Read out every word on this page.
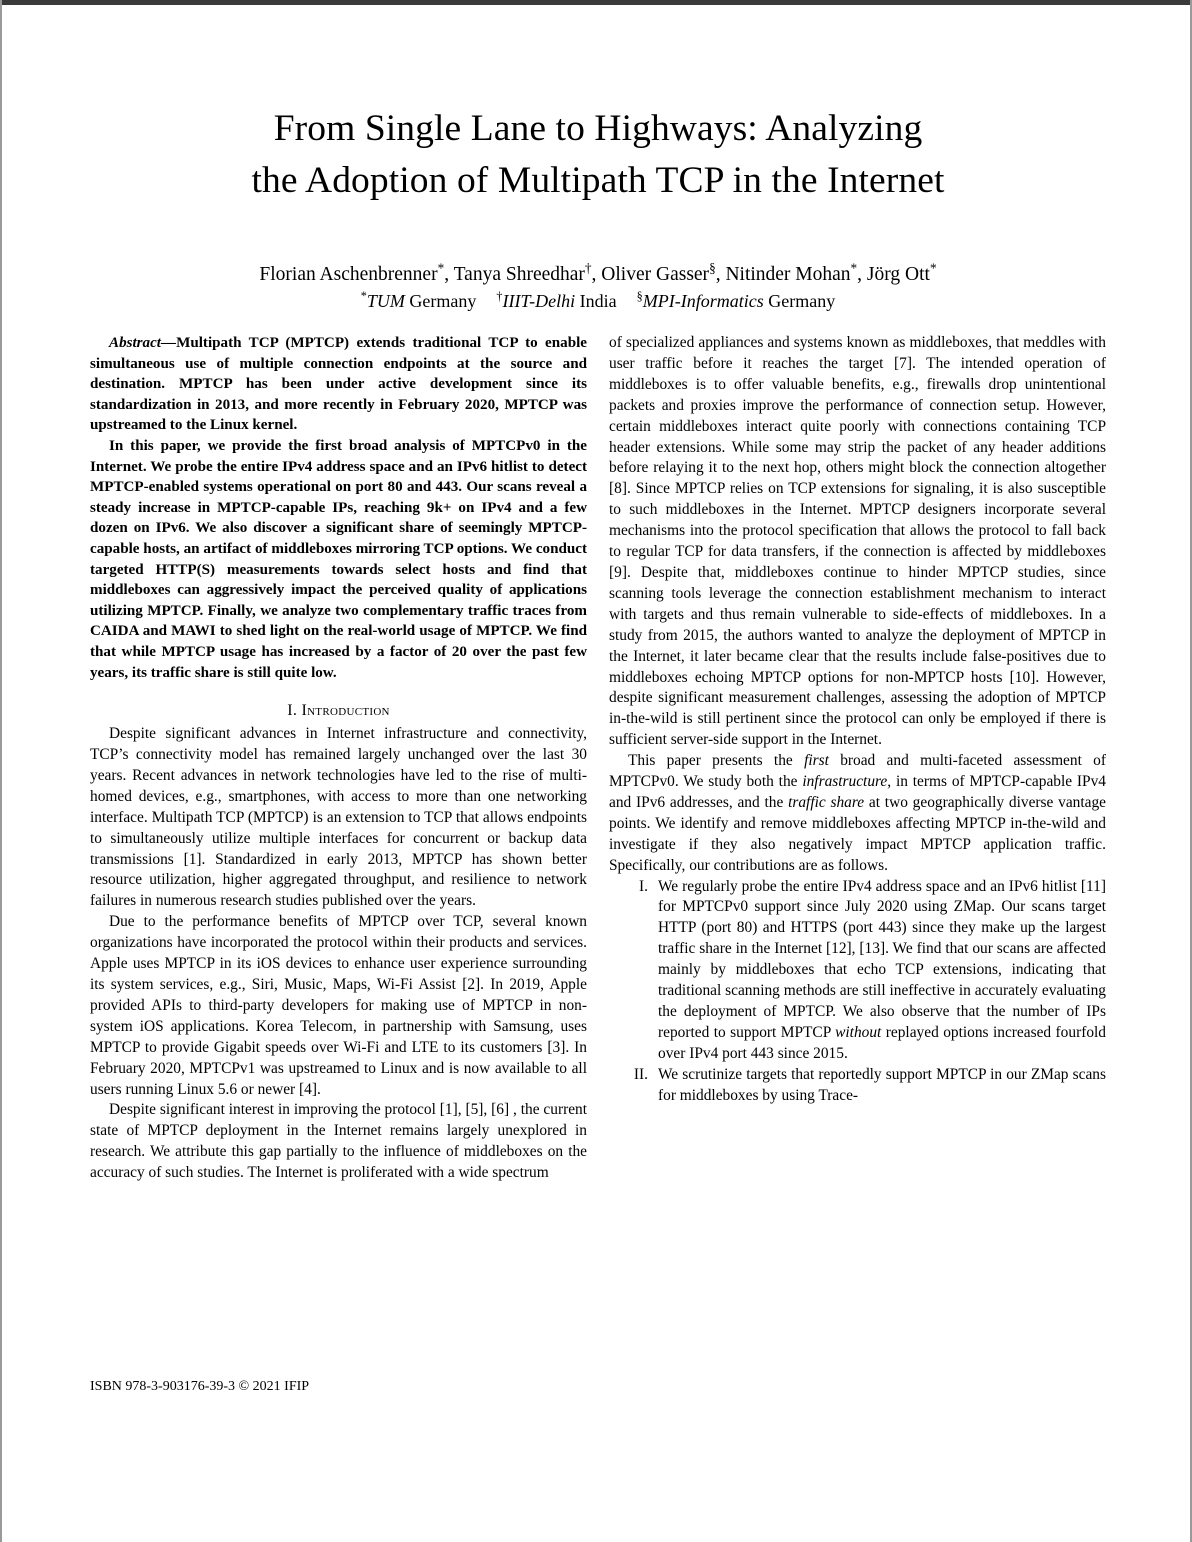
From Single Lane to Highways: Analyzing
the Adoption of Multipath TCP in the Internet

Florian Aschenbrenner*, Tanya Shreedhar†, Oliver Gasser§, Nitinder Mohan*, Jörg Ott*

*TUM Germany †IIIT-Delhi India §MPI-Informatics Germany

Abstract—Multipath TCP (MPTCP) extends traditional TCP to enable simultaneous use of multiple connection endpoints at the source and destination. MPTCP has been under active development since its standardization in 2013, and more recently in February 2020, MPTCP was upstreamed to the Linux kernel.

In this paper, we provide the first broad analysis of MPTCPv0 in the Internet. We probe the entire IPv4 address space and an IPv6 hitlist to detect MPTCP-enabled systems operational on port 80 and 443. Our scans reveal a steady increase in MPTCP-capable IPs, reaching 9k+ on IPv4 and a few dozen on IPv6. We also discover a significant share of seemingly MPTCP-capable hosts, an artifact of middleboxes mirroring TCP options. We conduct targeted HTTP(S) measurements towards select hosts and find that middleboxes can aggressively impact the perceived quality of applications utilizing MPTCP. Finally, we analyze two complementary traffic traces from CAIDA and MAWI to shed light on the real-world usage of MPTCP. We find that while MPTCP usage has increased by a factor of 20 over the past few years, its traffic share is still quite low.

I. Introduction

Despite significant advances in Internet infrastructure and connectivity, TCP’s connectivity model has remained largely unchanged over the last 30 years. Recent advances in network technologies have led to the rise of multi-homed devices, e.g., smartphones, with access to more than one networking interface. Multipath TCP (MPTCP) is an extension to TCP that allows endpoints to simultaneously utilize multiple interfaces for concurrent or backup data transmissions [1]. Standardized in early 2013, MPTCP has shown better resource utilization, higher aggregated throughput, and resilience to network failures in numerous research studies published over the years.

Due to the performance benefits of MPTCP over TCP, several known organizations have incorporated the protocol within their products and services. Apple uses MPTCP in its iOS devices to enhance user experience surrounding its system services, e.g., Siri, Music, Maps, Wi-Fi Assist [2]. In 2019, Apple provided APIs to third-party developers for making use of MPTCP in non-system iOS applications. Korea Telecom, in partnership with Samsung, uses MPTCP to provide Gigabit speeds over Wi-Fi and LTE to its customers [3]. In February 2020, MPTCPv1 was upstreamed to Linux and is now available to all users running Linux 5.6 or newer [4].

Despite significant interest in improving the protocol [1], [5], [6] , the current state of MPTCP deployment in the Internet remains largely unexplored in research. We attribute this gap partially to the influence of middleboxes on the accuracy of such studies. The Internet is proliferated with a wide spectrum

of specialized appliances and systems known as middleboxes, that meddles with user traffic before it reaches the target [7]. The intended operation of middleboxes is to offer valuable benefits, e.g., firewalls drop unintentional packets and proxies improve the performance of connection setup. However, certain middleboxes interact quite poorly with connections containing TCP header extensions. While some may strip the packet of any header additions before relaying it to the next hop, others might block the connection altogether [8]. Since MPTCP relies on TCP extensions for signaling, it is also susceptible to such middleboxes in the Internet. MPTCP designers incorporate several mechanisms into the protocol specification that allows the protocol to fall back to regular TCP for data transfers, if the connection is affected by middleboxes [9]. Despite that, middleboxes continue to hinder MPTCP studies, since scanning tools leverage the connection establishment mechanism to interact with targets and thus remain vulnerable to side-effects of middleboxes. In a study from 2015, the authors wanted to analyze the deployment of MPTCP in the Internet, it later became clear that the results include false-positives due to middleboxes echoing MPTCP options for non-MPTCP hosts [10]. However, despite significant measurement challenges, assessing the adoption of MPTCP in-the-wild is still pertinent since the protocol can only be employed if there is sufficient server-side support in the Internet.

This paper presents the first broad and multi-faceted assessment of MPTCPv0. We study both the infrastructure, in terms of MPTCP-capable IPv4 and IPv6 addresses, and the traffic share at two geographically diverse vantage points. We identify and remove middleboxes affecting MPTCP in-the-wild and investigate if they also negatively impact MPTCP application traffic. Specifically, our contributions are as follows.

I. We regularly probe the entire IPv4 address space and an IPv6 hitlist [11] for MPTCPv0 support since July 2020 using ZMap. Our scans target HTTP (port 80) and HTTPS (port 443) since they make up the largest traffic share in the Internet [12], [13]. We find that our scans are affected mainly by middleboxes that echo TCP extensions, indicating that traditional scanning methods are still ineffective in accurately evaluating the deployment of MPTCP. We also observe that the number of IPs reported to support MPTCP without replayed options increased fourfold over IPv4 port 443 since 2015.
II. We scrutinize targets that reportedly support MPTCP in our ZMap scans for middleboxes by using Trace-
ISBN 978-3-903176-39-3 © 2021 IFIP
